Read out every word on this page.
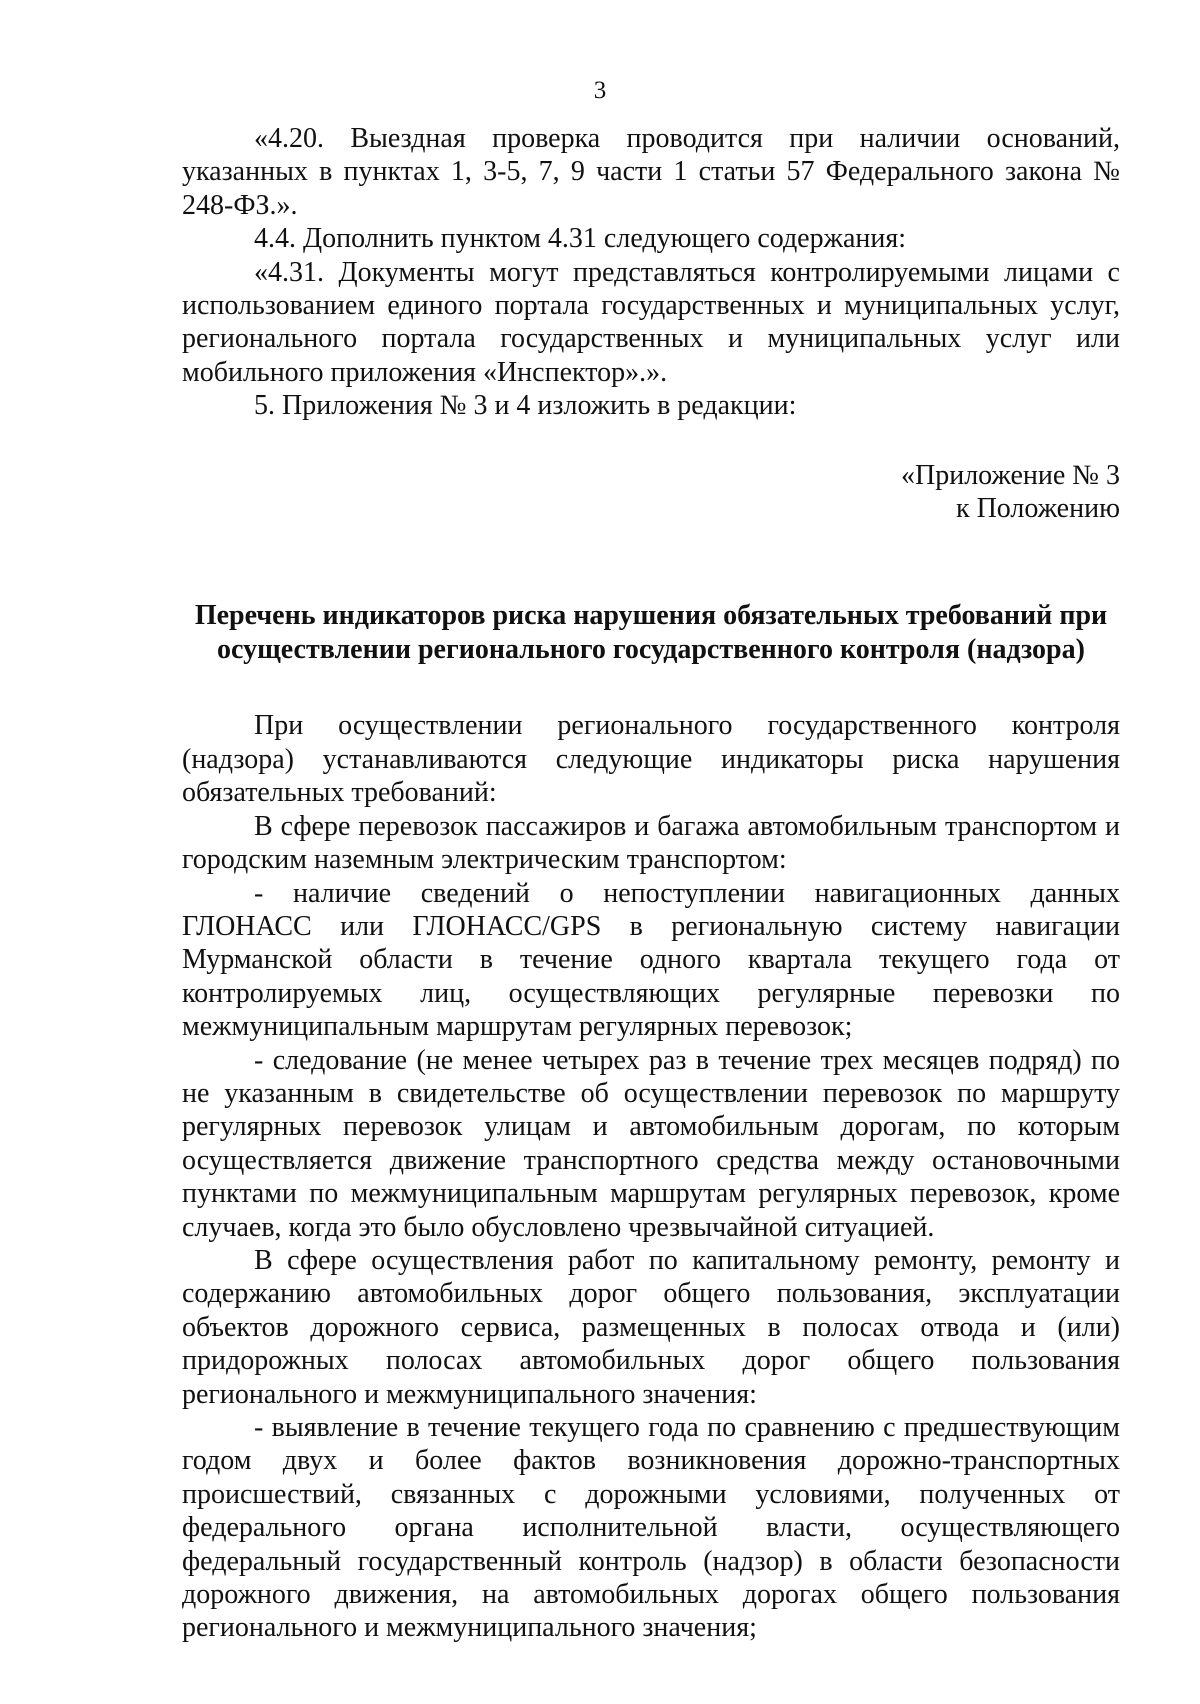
3

«4.20. Выездная проверка проводится при наличии оснований, указанных в пунктах 1, 3-5, 7, 9 части 1 статьи 57 Федерального закона № 248-ФЗ.».

4.4. Дополнить пунктом 4.31 следующего содержания:

«4.31. Документы могут представляться контролируемыми лицами с использованием единого портала государственных и муниципальных услуг, регионального портала государственных и муниципальных услуг или мобильного приложения «Инспектор».».

5. Приложения № 3 и 4 изложить в редакции:

«Приложение № 3
к Положению
Перечень индикаторов риска нарушения обязательных требований при
осуществлении регионального государственного контроля (надзора)

При осуществлении регионального государственного контроля (надзора) устанавливаются следующие индикаторы риска нарушения обязательных требований:

В сфере перевозок пассажиров и багажа автомобильным транспортом и городским наземным электрическим транспортом:

- наличие сведений о непоступлении навигационных данных ГЛОНАСС или ГЛОНАСС/GPS в региональную систему навигации Мурманской области в течение одного квартала текущего года от контролируемых лиц, осуществляющих регулярные перевозки по межмуниципальным маршрутам регулярных перевозок;

- следование (не менее четырех раз в течение трех месяцев подряд) по не указанным в свидетельстве об осуществлении перевозок по маршруту регулярных перевозок улицам и автомобильным дорогам, по которым осуществляется движение транспортного средства между остановочными пунктами по межмуниципальным маршрутам регулярных перевозок, кроме случаев, когда это было обусловлено чрезвычайной ситуацией.

В сфере осуществления работ по капитальному ремонту, ремонту и содержанию автомобильных дорог общего пользования, эксплуатации объектов дорожного сервиса, размещенных в полосах отвода и (или) придорожных полосах автомобильных дорог общего пользования регионального и межмуниципального значения:

- выявление в течение текущего года по сравнению с предшествующим годом двух и более фактов возникновения дорожно-транспортных происшествий, связанных с дорожными условиями, полученных от федерального органа исполнительной власти, осуществляющего федеральный государственный контроль (надзор) в области безопасности дорожного движения, на автомобильных дорогах общего пользования регионального и межмуниципального значения;
